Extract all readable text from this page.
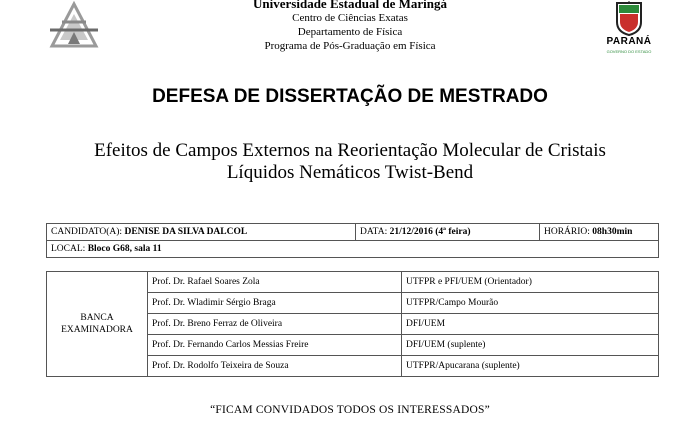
PARANÁ
GOVERNO DO ESTADO
Universidade Estadual de Maringá
Centro de Ciências Exatas
Departamento de Física
Programa de Pós-Graduação em Física
DEFESA DE DISSERTAÇÃO DE MESTRADO
Efeitos de Campos Externos na Reorientação Molecular de Cristais
Líquidos Nemáticos Twist-Bend
CANDIDATO(A): DENISE DA SILVA DALCOL	DATA: 21/12/2016 (4ª feira)	HORÁRIO: 08h30min
LOCAL: Bloco G68, sala 11
BANCA
EXAMINADORA	Prof. Dr. Rafael Soares Zola	UTFPR e PFI/UEM (Orientador)
	Prof. Dr. Wladimir Sérgio Braga	UTFPR/Campo Mourão
	Prof. Dr. Breno Ferraz de Oliveira	DFI/UEM
	Prof. Dr. Fernando Carlos Messias Freire	DFI/UEM (suplente)
	Prof. Dr. Rodolfo Teixeira de Souza	UTFPR/Apucarana (suplente)
“FICAM CONVIDADOS TODOS OS INTERESSADOS”
